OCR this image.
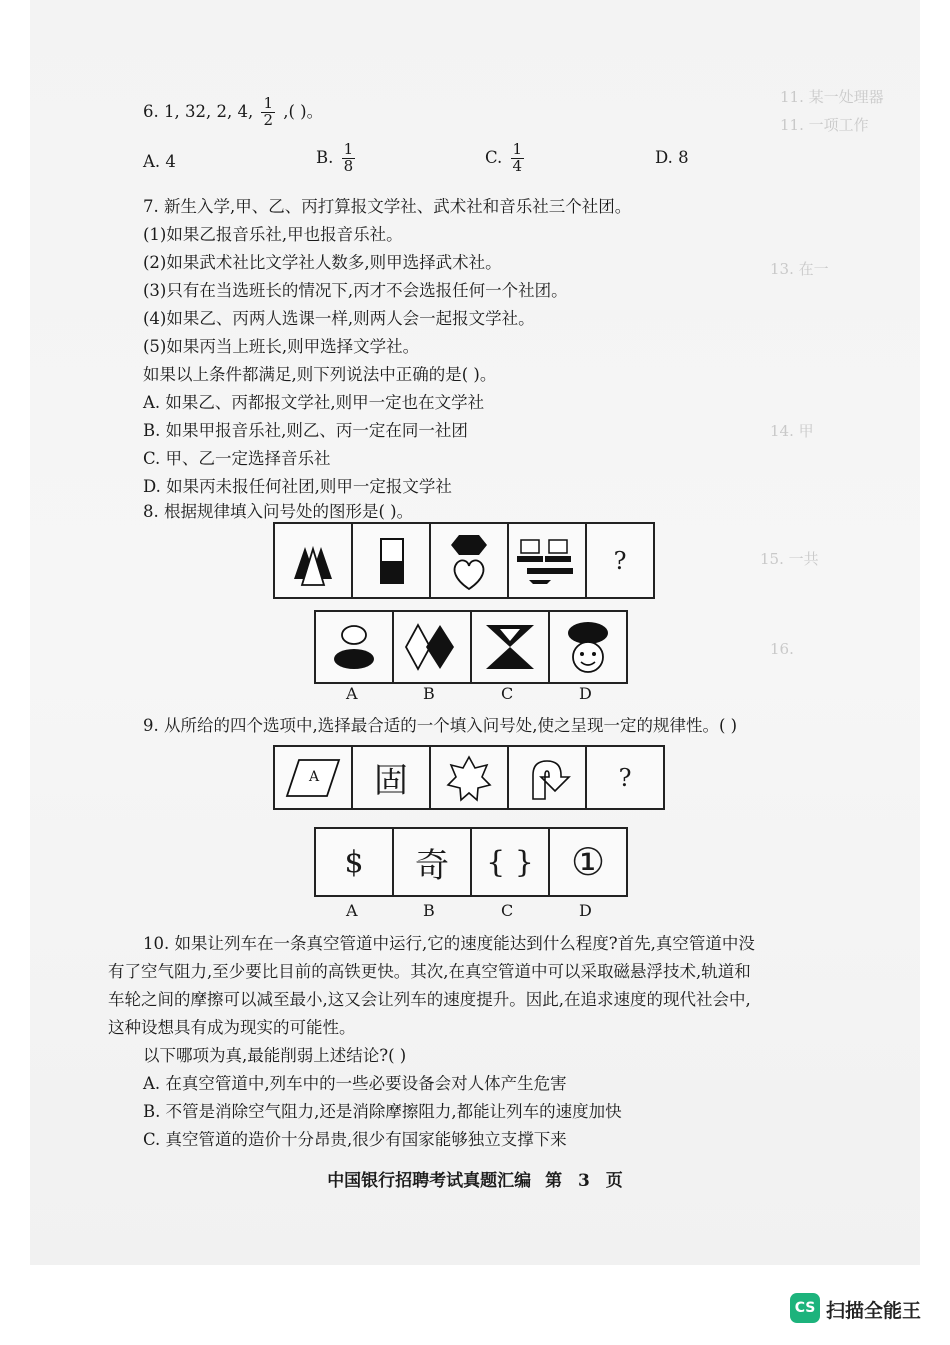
11. 某一处理器
11. 一项工作
13. 在一
14. 甲
15. 一共
16.
6. 1, 32, 2, 4, $\frac{1}{2}$ ,( )。
A. 4	B. $\frac{1}{8}$	C. $\frac{1}{4}$	D. 8
7. 新生入学,甲、乙、丙打算报文学社、武术社和音乐社三个社团。
(1)如果乙报音乐社,甲也报音乐社。
(2)如果武术社比文学社人数多,则甲选择武术社。
(3)只有在当选班长的情况下,丙才不会选报任何一个社团。
(4)如果乙、丙两人选课一样,则两人会一起报文学社。
(5)如果丙当上班长,则甲选择文学社。
如果以上条件都满足,则下列说法中正确的是( )。
A. 如果乙、丙都报文学社,则甲一定也在文学社
B. 如果甲报音乐社,则乙、丙一定在同一社团
C. 甲、乙一定选择音乐社
D. 如果丙未报任何社团,则甲一定报文学社
8. 根据规律填入问号处的图形是( )。
?
A	B	C	D
9. 从所给的四个选项中,选择最合适的一个填入问号处,使之呈现一定的规律性。( )
A 固	?
$ 奇 { } ①
A	B	C	D
10. 如果让列车在一条真空管道中运行,它的速度能达到什么程度?首先,真空管道中没
有了空气阻力,至少要比目前的高铁更快。其次,在真空管道中可以采取磁悬浮技术,轨道和
车轮之间的摩擦可以减至最小,这又会让列车的速度提升。因此,在追求速度的现代社会中,
这种设想具有成为现实的可能性。
以下哪项为真,最能削弱上述结论?( )
A. 在真空管道中,列车中的一些必要设备会对人体产生危害
B. 不管是消除空气阻力,还是消除摩擦阻力,都能让列车的速度加快
C. 真空管道的造价十分昂贵,很少有国家能够独立支撑下来
中国银行招聘考试真题汇编 第 3 页
CS 扫描全能王
